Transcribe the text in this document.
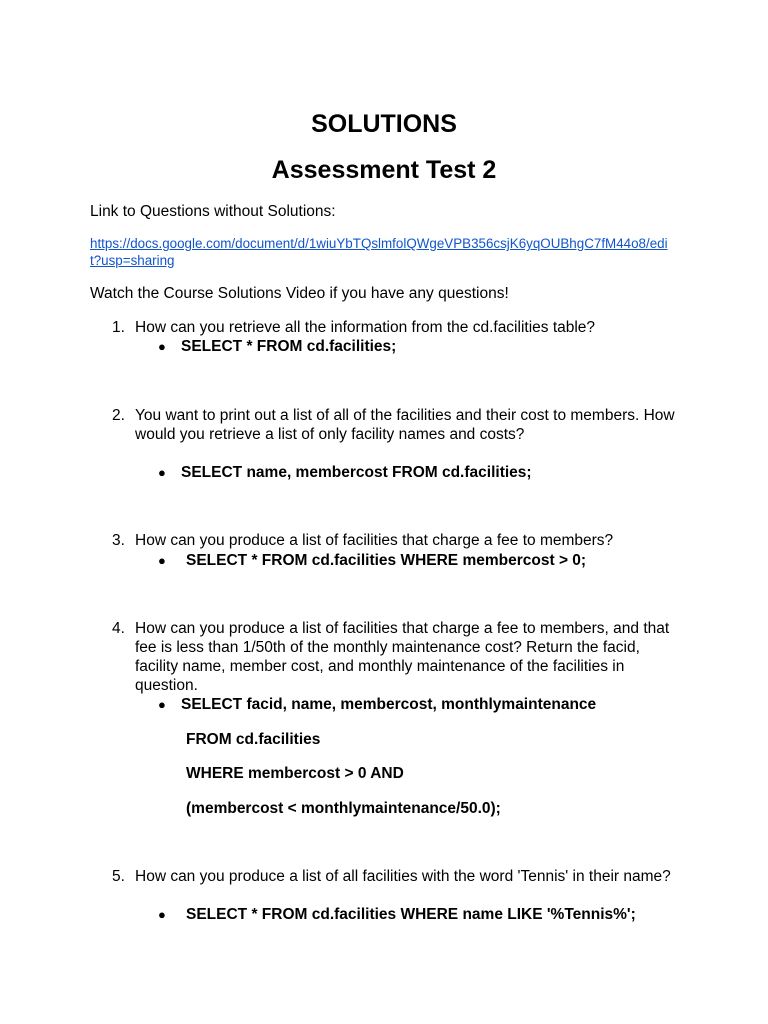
SOLUTIONS
Assessment Test 2

Link to Questions without Solutions:

https://docs.google.com/document/d/1wiuYbTQslmfolQWgeVPB356csjK6yqOUBhgC7fM44o8/edit?usp=sharing

Watch the Course Solutions Video if you have any questions!

1. How can you retrieve all the information from the cd.facilities table?

● SELECT * FROM cd.facilities;

2. You want to print out a list of all of the facilities and their cost to members. How would you retrieve a list of only facility names and costs?

● SELECT name, membercost FROM cd.facilities;

3. How can you produce a list of facilities that charge a fee to members?

● SELECT * FROM cd.facilities WHERE membercost > 0;

4. How can you produce a list of facilities that charge a fee to members, and that fee is less than 1/50th of the monthly maintenance cost? Return the facid, facility name, member cost, and monthly maintenance of the facilities in question.

● SELECT facid, name, membercost, monthlymaintenance

FROM cd.facilities

WHERE membercost > 0 AND

(membercost < monthlymaintenance/50.0);

5. How can you produce a list of all facilities with the word 'Tennis' in their name?

● SELECT * FROM cd.facilities WHERE name LIKE '%Tennis%';
